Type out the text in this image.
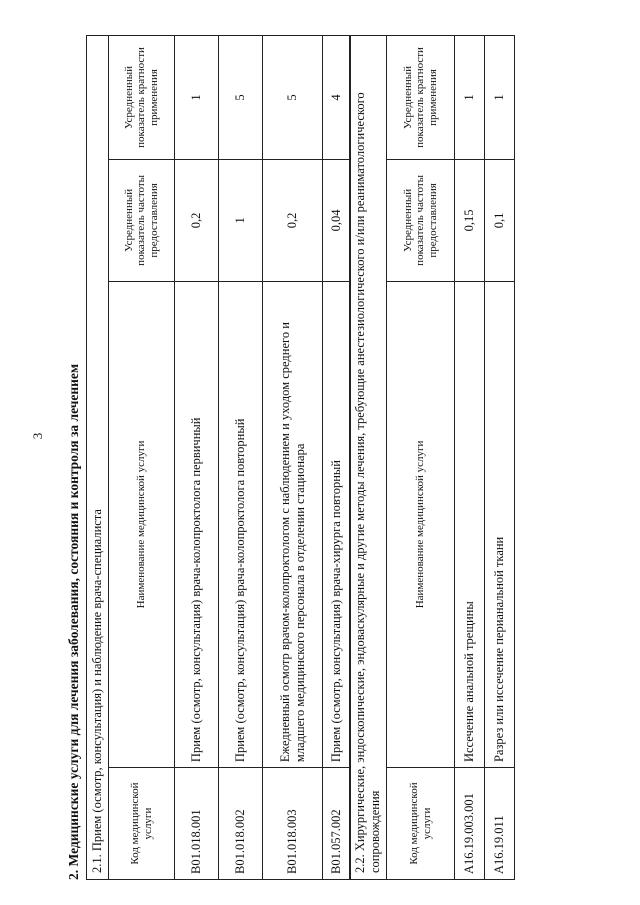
3 2. Медицинские услуги для лечения заболевания, состояния и контроля за лечением 2.1. Прием (осмотр, консультация) и наблюдение врача-специалиста			
Код медицинской услуги	Наименование медицинской услуги	Усредненный показатель частоты предоставления	Усредненный показатель кратности применения
B01.018.001	Прием (осмотр, консультация) врача-колопроктолога первичный	0,2	1
B01.018.002	Прием (осмотр, консультация) врача-колопроктолога повторный	1	5
B01.018.003	Ежедневный осмотр врачом-колопроктологом с наблюдением и уходом среднего и младшего медицинского персонала в отделении стационара	0,2	5
B01.057.002	Прием (осмотр, консультация) врача-хирурга повторный	0,04	4 2.2. Хирургические, эндоскопические, эндоваскулярные и другие методы лечения, требующие анестезиологического и/или реаниматологического сопровождения			
Код медицинской услуги	Наименование медицинской услуги	Усредненный показатель частоты предоставления	Усредненный показатель кратности применения
A16.19.003.001	Иссечение анальной трещины	0,15	1
A16.19.011	Разрез или иссечение перианальной ткани	0,1	1
